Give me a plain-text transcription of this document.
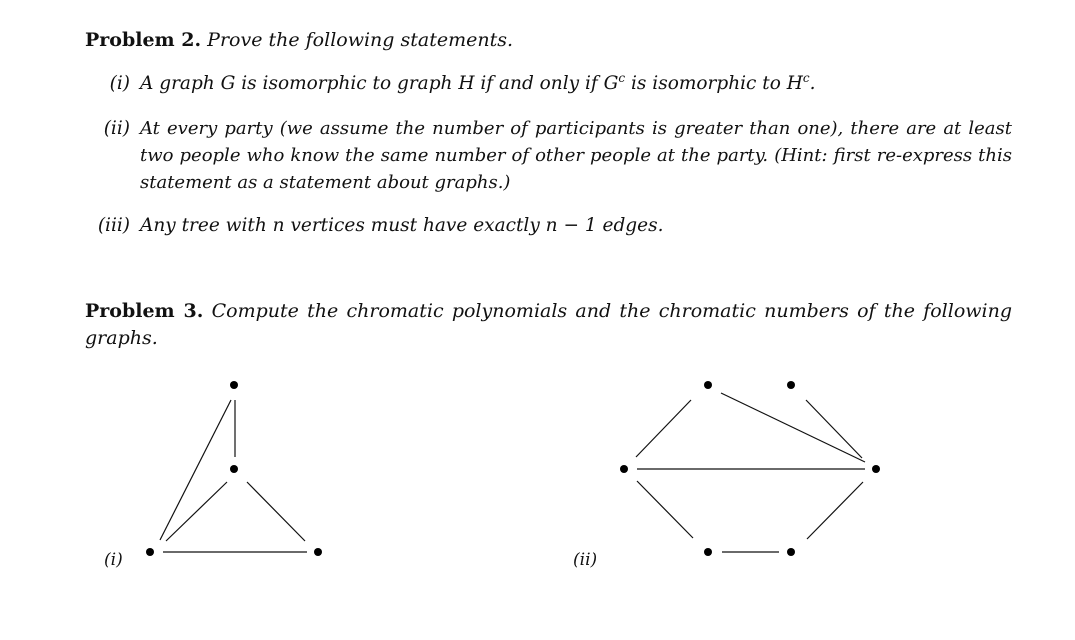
Problem 2. Prove the following statements.
(i) A graph G is isomorphic to graph H if and only if $G^c$ is isomorphic to $H^c$.
(ii) At every party (we assume the number of participants is greater than one), there are at least two people who know the same number of other people at the party. (Hint: first re-express this statement as a statement about graphs.)
(iii) Any tree with n vertices must have exactly n − 1 edges.
Problem 3. Compute the chromatic polynomials and the chromatic numbers of the following graphs.
(i)	(ii)
